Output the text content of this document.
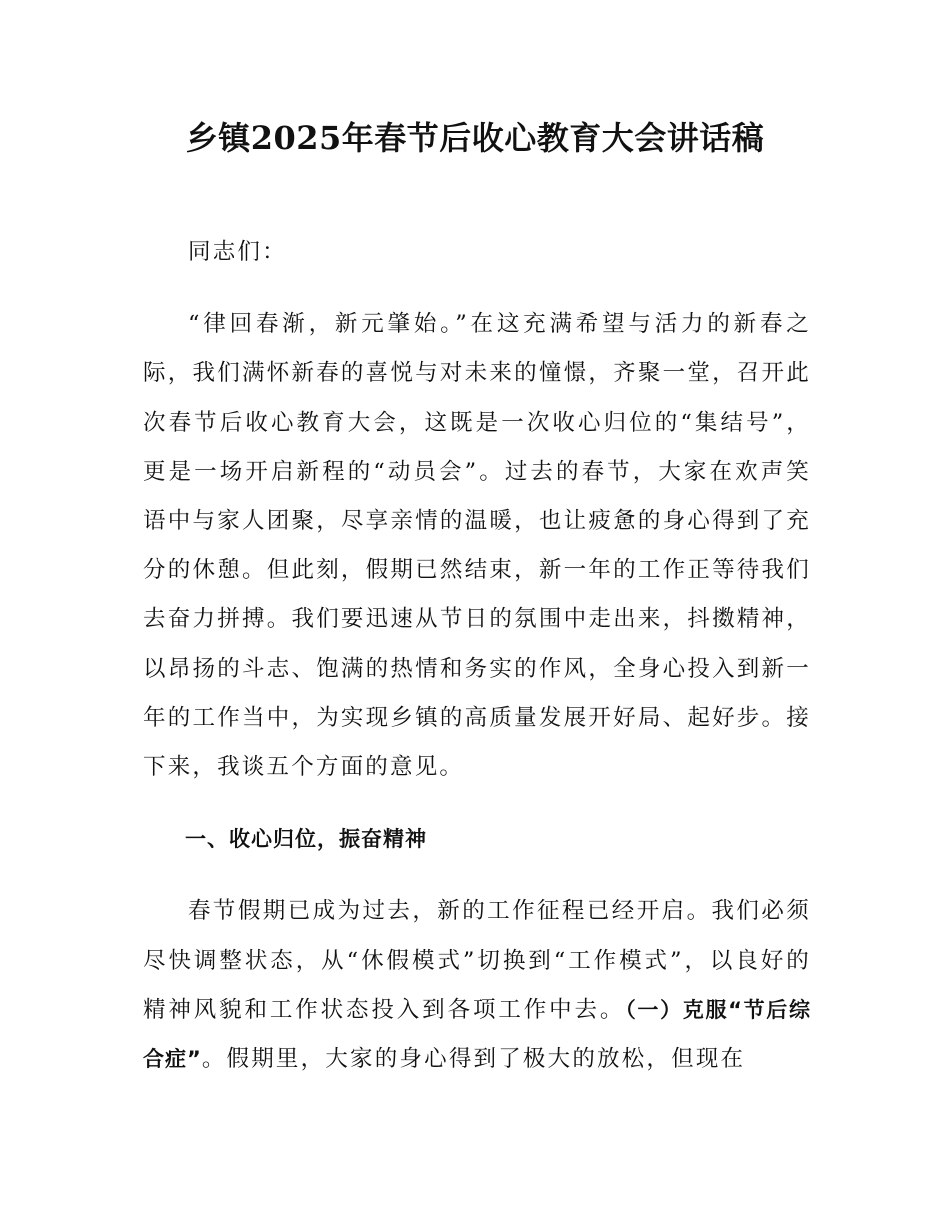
乡镇2025年春节后收心教育大会讲话稿

同志们：

“律回春渐，新元肇始。”在这充满希望与活力的新春之际，我们满怀新春的喜悦与对未来的憧憬，齐聚一堂，召开此次春节后收心教育大会，这既是一次收心归位的“集结号”，更是一场开启新程的“动员会”。过去的春节，大家在欢声笑语中与家人团聚，尽享亲情的温暖，也让疲惫的身心得到了充分的休憩。但此刻，假期已然结束，新一年的工作正等待我们去奋力拼搏。我们要迅速从节日的氛围中走出来，抖擞精神，以昂扬的斗志、饱满的热情和务实的作风，全身心投入到新一年的工作当中，为实现乡镇的高质量发展开好局、起好步。接下来，我谈五个方面的意见。

一、收心归位，振奋精神

春节假期已成为过去，新的工作征程已经开启。我们必须尽快调整状态，从“休假模式”切换到“工作模式”，以良好的精神风貌和工作状态投入到各项工作中去。（一）克服“节后综合症”。假期里，大家的身心得到了极大的放松，但现在
